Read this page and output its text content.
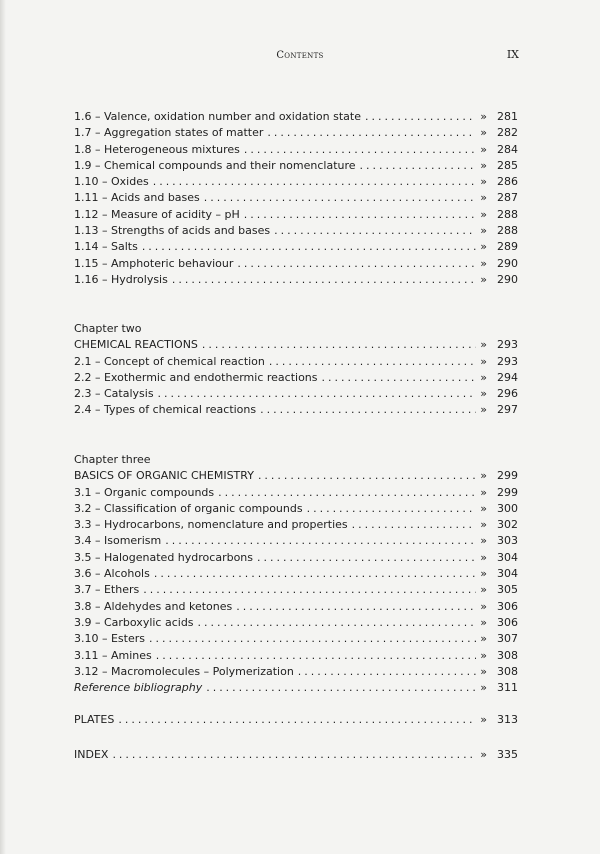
Contents	IX
1.6 – Valence, oxidation number and oxidation state . . .	» 281
1.7 – Aggregation states of matter . . .	» 282
1.8 – Heterogeneous mixtures . . .	» 284
1.9 – Chemical compounds and their nomenclature . . .	» 285
1.10 – Oxides . . .	» 286
1.11 – Acids and bases . . .	» 287
1.12 – Measure of acidity – pH . . .	» 288
1.13 – Strengths of acids and bases . . .	» 288
1.14 – Salts . . .	» 289
1.15 – Amphoteric behaviour . . .	» 290
1.16 – Hydrolysis . . .	» 290
Chapter two
CHEMICAL REACTIONS . . .	» 293
2.1 – Concept of chemical reaction . . .	» 293
2.2 – Exothermic and endothermic reactions . . .	» 294
2.3 – Catalysis . . .	» 296
2.4 – Types of chemical reactions . . .	» 297
Chapter three
BASICS OF ORGANIC CHEMISTRY . . .	» 299
3.1 – Organic compounds . . .	» 299
3.2 – Classification of organic compounds . . .	» 300
3.3 – Hydrocarbons, nomenclature and properties . . .	» 302
3.4 – Isomerism . . .	» 303
3.5 – Halogenated hydrocarbons . . .	» 304
3.6 – Alcohols . . .	» 304
3.7 – Ethers . . .	» 305
3.8 – Aldehydes and ketones . . .	» 306
3.9 – Carboxylic acids . . .	» 306
3.10 – Esters . . .	» 307
3.11 – Amines . . .	» 308
3.12 – Macromolecules – Polymerization . . .	» 308
Reference bibliography . . .	» 311
PLATES . . .	» 313
INDEX . . .	» 335
